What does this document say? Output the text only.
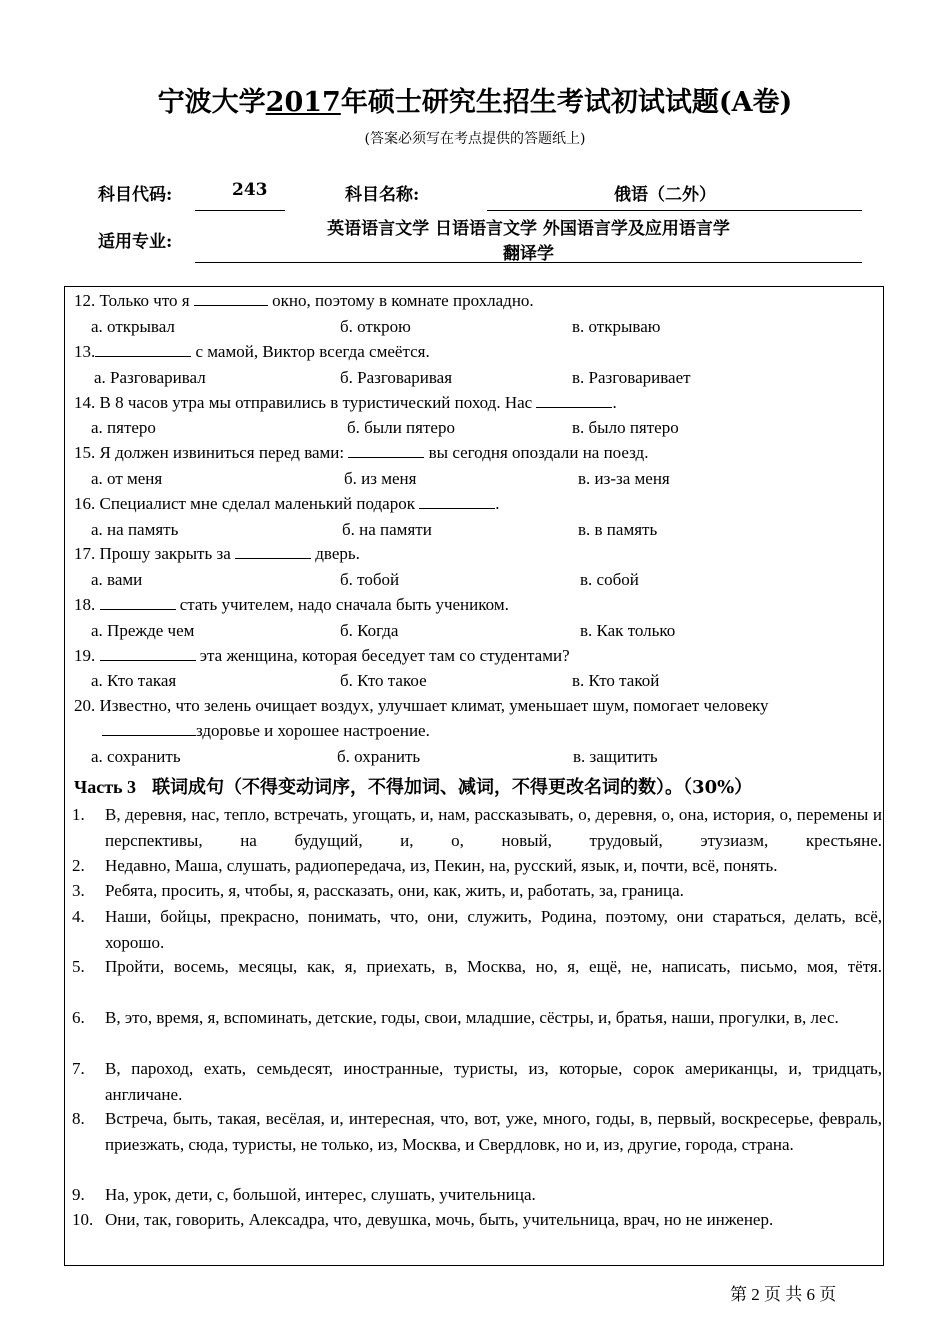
宁波大学2017年硕士研究生招生考试初试试题(A卷)
(答案必须写在考点提供的答题纸上)
科目代码:	243	科目名称:	俄语（二外）
适用专业:
英语语言文学 日语语言文学 外国语言学及应用语言学
翻译学
12. Только что я	окно, поэтому в комнате прохладно.
а. открывал	б. открою	в. открываю
13.	с мамой, Виктор всегда смеётся.
а. Разговаривал	б. Разговаривая	в. Разговаривает
14. В 8 часов утра мы отправились в туристический поход. Нас	.
а. пятеро	б. были пятеро	в. было пятеро
15. Я должен извиниться перед вами:	вы сегодня опоздали на поезд.
а. от меня	б. из меня	в. из-за меня
16. Специалист мне сделал маленький подарок	.
а. на память	б. на памяти	в. в память
17. Прошу закрыть за	дверь.
а. вами	б. тобой	в. собой
18.	стать учителем, надо сначала быть учеником.
а. Прежде чем	б. Когда	в. Как только
19.	эта женщина, которая беседует там со студентами?
а. Кто такая	б. Кто такое	в. Кто такой
20. Известно, что зелень очищает воздух, улучшает климат, уменьшает шум, помогает человеку
здоровье и хорошее настроение.
а. сохранить	б. охранить	в. защитить
Часть 3 联词成句（不得变动词序，不得加词、减词，不得更改名词的数）。（30%）
1. В, деревня, нас, тепло, встречать, угощать, и, нам, рассказывать, о, деревня, о, она, история, о, перемены и перспективы, на будущий, и, о, новый, трудовый, этузиазм, крестьяне.
2. Недавно, Маша, слушать, радиопередача, из, Пекин, на, русский, язык, и, почти, всё, понять.
3. Ребята, просить, я, чтобы, я, рассказать, они, как, жить, и, работать, за, граница.
4. Наши, бойцы, прекрасно, понимать, что, они, служить, Родина, поэтому, они стараться, делать, всё, хорошо.
5. Пройти, восемь, месяцы, как, я, приехать, в, Москва, но, я, ещё, не, написать, письмо, моя, тётя.
6. В, это, время, я, вспоминать, детские, годы, свои, младшие, сёстры, и, братья, наши, прогулки, в, лес.
7. В, пароход, ехать, семьдесят, иностранные, туристы, из, которые, сорок американцы, и, тридцать, англичане.
8. Встреча, быть, такая, весёлая, и, интересная, что, вот, уже, много, годы, в, первый, воскресерье, февраль, приезжать, сюда, туристы, не только, из, Москва, и Свердловк, но и, из, другие, города, страна.
9. На, урок, дети, с, большой, интерес, слушать, учительница.
10. Они, так, говорить, Алексадра, что, девушка, мочь, быть, учительница, врач, но не инженер.
第 2 页 共 6 页
